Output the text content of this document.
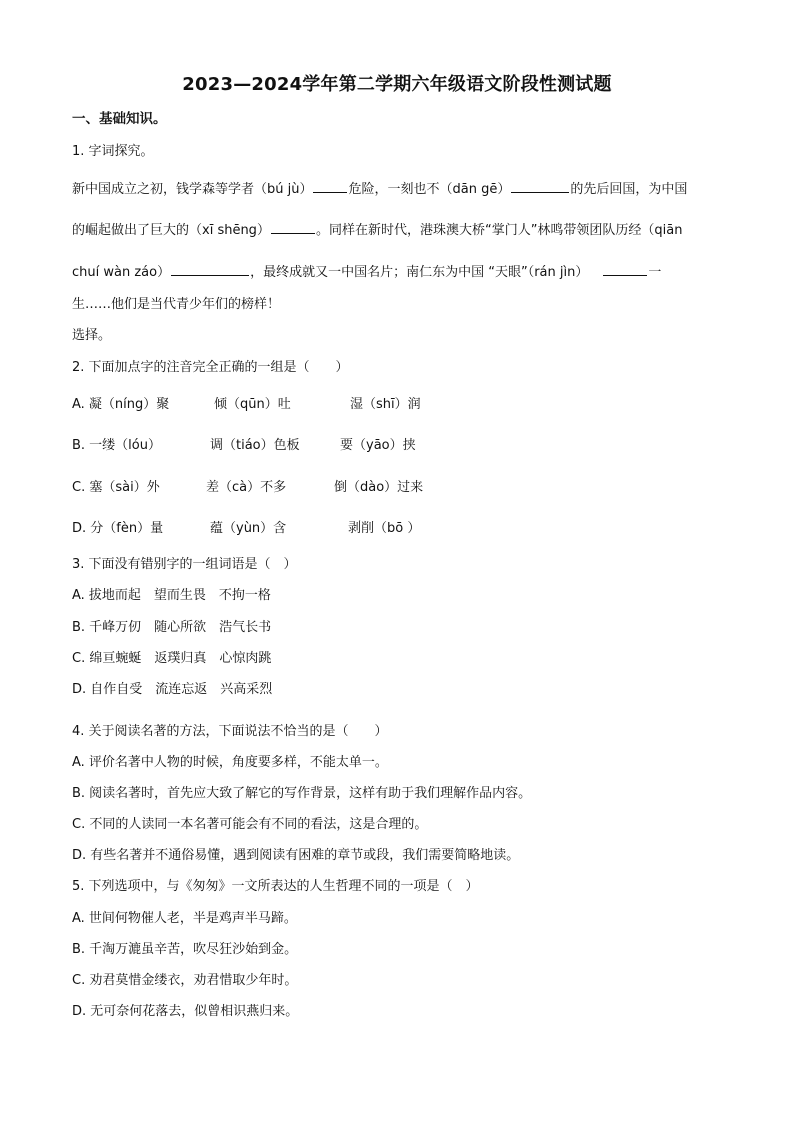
2023—2024学年第二学期六年级语文阶段性测试题
一、基础知识。
1. 字词探究。
新中国成立之初，钱学森等学者（bú jù）	危险，一刻也不（dān gē）	的先后回国，为中国
的崛起做出了巨大的（xī shēng）	。同样在新时代，港珠澳大桥“掌门人”林鸣带领团队历经（qiān
chuí wàn záo）	，最终成就又一中国名片；南仁东为中国 “天眼”（rán jìn）	一
生……他们是当代青少年们的榜样！
选择。
2. 下面加点字的注音完全正确的一组是（　　）
A. 凝（níng）聚	倾（qūn）吐	湿（shī）润
B. 一缕（lóu）	调（tiáo）色板	要（yāo）挟
C. 塞（sài）外	差（cà）不多	倒（dào）过来
D. 分（fèn）量	蕴（yùn）含	剥削（bō ）
3. 下面没有错别字的一组词语是（　）
A. 拔地而起　望而生畏　不拘一格
B. 千峰万仞　随心所欲　浩气长书
C. 绵亘蜿蜒　返璞归真　心惊肉跳
D. 自作自受　流连忘返　兴高采烈
4. 关于阅读名著的方法，下面说法不恰当的是（　　）
A. 评价名著中人物的时候，角度要多样，不能太单一。
B. 阅读名著时，首先应大致了解它的写作背景，这样有助于我们理解作品内容。
C. 不同的人读同一本名著可能会有不同的看法，这是合理的。
D. 有些名著并不通俗易懂，遇到阅读有困难的章节或段，我们需要简略地读。
5. 下列选项中，与《匆匆》一文所表达的人生哲理不同的一项是（　）
A. 世间何物催人老，半是鸡声半马蹄。
B. 千淘万漉虽辛苦，吹尽狂沙始到金。
C. 劝君莫惜金缕衣，劝君惜取少年时。
D. 无可奈何花落去，似曾相识燕归来。
